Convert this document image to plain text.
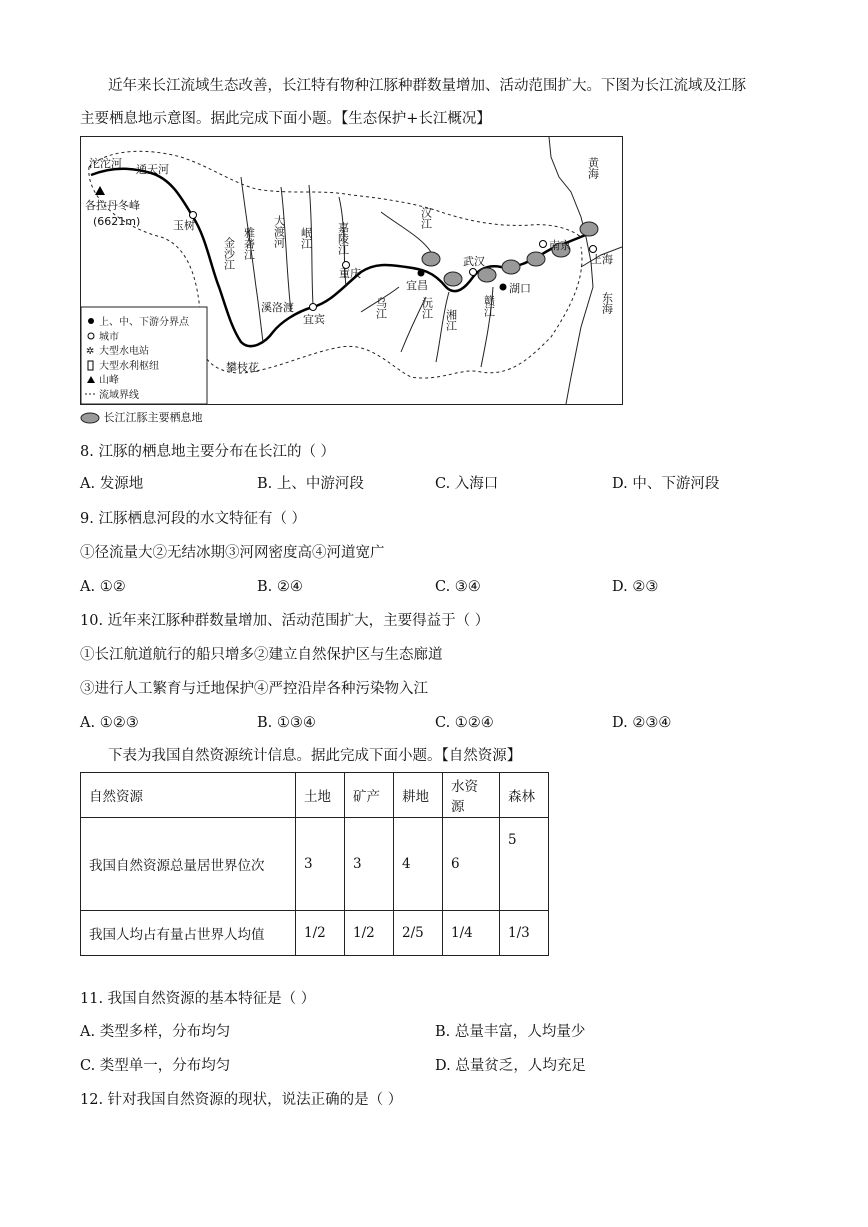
近年来长江流域生态改善，长江特有物种江豚种群数量增加、活动范围扩大。下图为长江流域及江豚
主要栖息地示意图。据此完成下面小题。【生态保护+长江概况】
沱沱河 通天河
各拉丹冬峰
(6621m)	玉树
金沙江 雅砻江 大渡河 岷江 嘉陵江
汉江
乌江	沅江
湘江
赣江
宜宾
重庆
宜昌
武汉
湖口
南京
上海
攀枝花
溪洛渡
黄海
东海
上、中、下游分界点
城市
✲ 大型水电站
大型水利枢纽
山峰
流域界线
长江江豚主要栖息地
8. 江豚的栖息地主要分布在长江的（ ）
A. 发源地	B. 上、中游河段	C. 入海口	D. 中、下游河段
9. 江豚栖息河段的水文特征有（ ）
①径流量大②无结冰期③河网密度高④河道宽广
A. ①②	B. ②④	C. ③④	D. ②③
10. 近年来江豚种群数量增加、活动范围扩大，主要得益于（ ）
①长江航道航行的船只增多②建立自然保护区与生态廊道
③进行人工繁育与迁地保护④严控沿岸各种污染物入江
A. ①②③	B. ①③④	C. ①②④	D. ②③④
下表为我国自然资源统计信息。据此完成下面小题。【自然资源】
自然资源	土地	矿产	耕地	水资源	森林
我国自然资源总量居世界位次	3	3	4	6	5
我国人均占有量占世界人均值	1/2	1/2	2/5	1/4	1/3
11. 我国自然资源的基本特征是（ ）
A. 类型多样，分布均匀	B. 总量丰富，人均量少
C. 类型单一，分布均匀	D. 总量贫乏，人均充足
12. 针对我国自然资源的现状，说法正确的是（ ）
